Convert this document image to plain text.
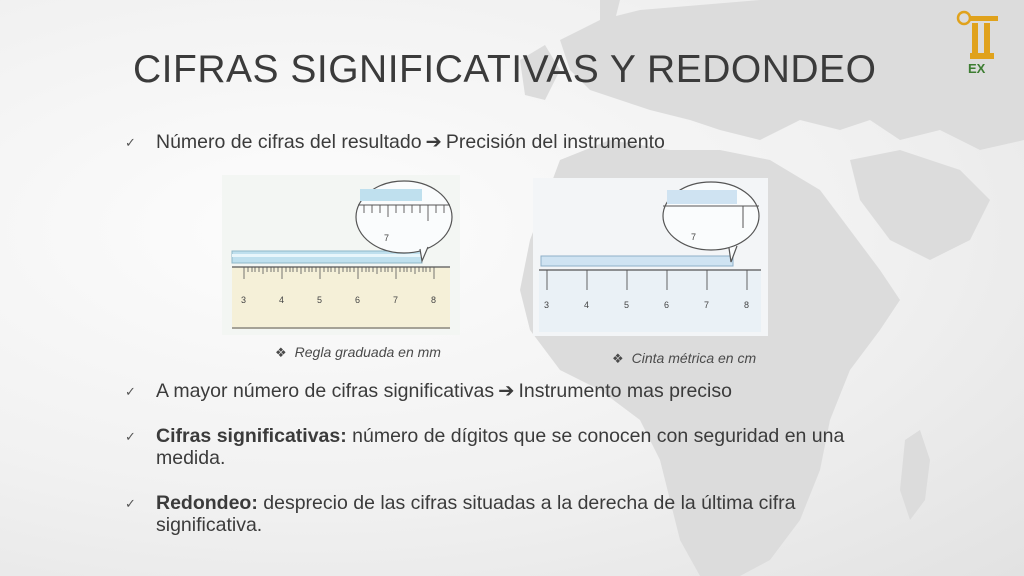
EX
CIFRAS SIGNIFICATIVAS Y REDONDEO
✓ Número de cifras del resultado ➔ Precisión del instrumento
3	4	5	6	7	8
7
❖ Regla graduada en mm
3	4	5	6	7	8
7
❖ Cinta métrica en cm
✓ A mayor número de cifras significativas ➔ Instrumento mas preciso
✓ Cifras significativas: número de dígitos que se conocen con seguridad en una
medida.
✓ Redondeo: desprecio de las cifras situadas a la derecha de la última cifra
significativa.
